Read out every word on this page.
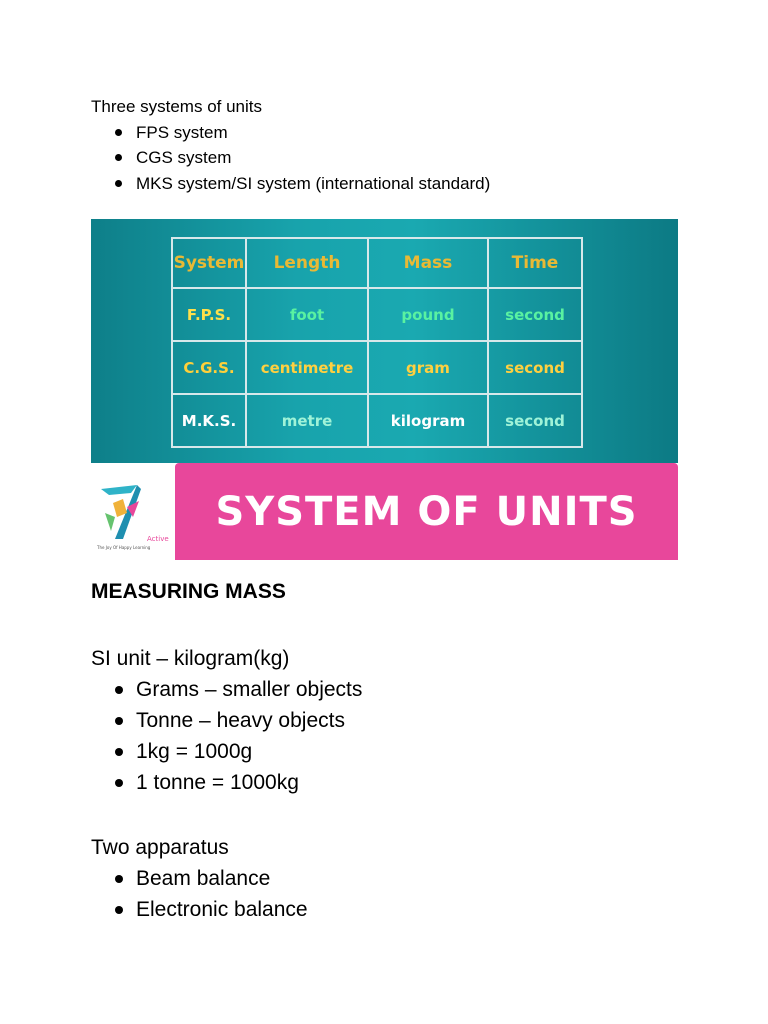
Three systems of units
FPS system
CGS system
MKS system/SI system (international standard)
System	Length	Mass	Time
F.P.S.	foot	pound	second
C.G.S.	centimetre	gram	second
M.K.S.	metre	kilogram	second
Active
The Joy Of Happy Learning
SYSTEM OF UNITS
MEASURING MASS
SI unit – kilogram(kg)
Grams – smaller objects
Tonne – heavy objects
1kg = 1000g
1 tonne = 1000kg
Two apparatus
Beam balance
Electronic balance
